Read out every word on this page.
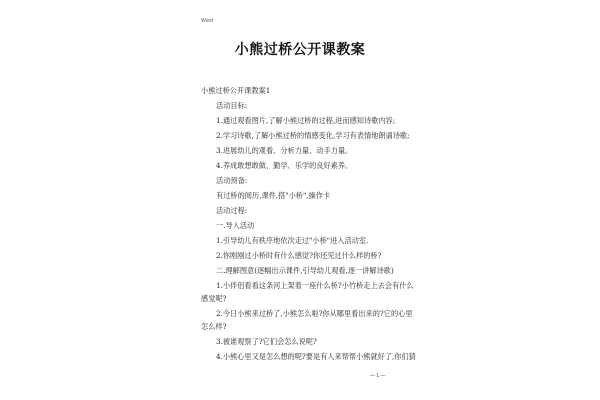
Word
小熊过桥公开课教案
小熊过桥公开课教案1
活动目标:
1.通过观看图片,了解小熊过桥的过程,进而感知诗歌内容;
2.学习诗歌,了解小熊过桥的情感变化,学习有表情地朗诵诗歌;
3.进展幼儿的观看、分析力量、动手力量。
4.养成敢想敢做、勤学、乐学的良好素养。
活动预备:
有过桥的阅历,课件,搭"小桥",操作卡
活动过程:
一.导入活动
1.引导幼儿有秩序地依次走过"小桥"进入活动室.
2.你刚刚过小桥时有什么感觉?你还见过什么样的桥?
二.理解图意(逐幅出示课件,引导幼儿观看,逐一讲解诗歌)
1.小伴侣看看这条河上架着一座什么桥?小竹桥走上去会有什么
感觉呢?
2.今日小熊来过桥了,小熊怎么啦?你从哪里看出来的?它的心里
怎么样?
3.被谁观察了?它们会怎么说呢?
4.小熊心里又是怎么想的呢?要是有人来帮帮小熊就好了,你们猜
— 1 —
